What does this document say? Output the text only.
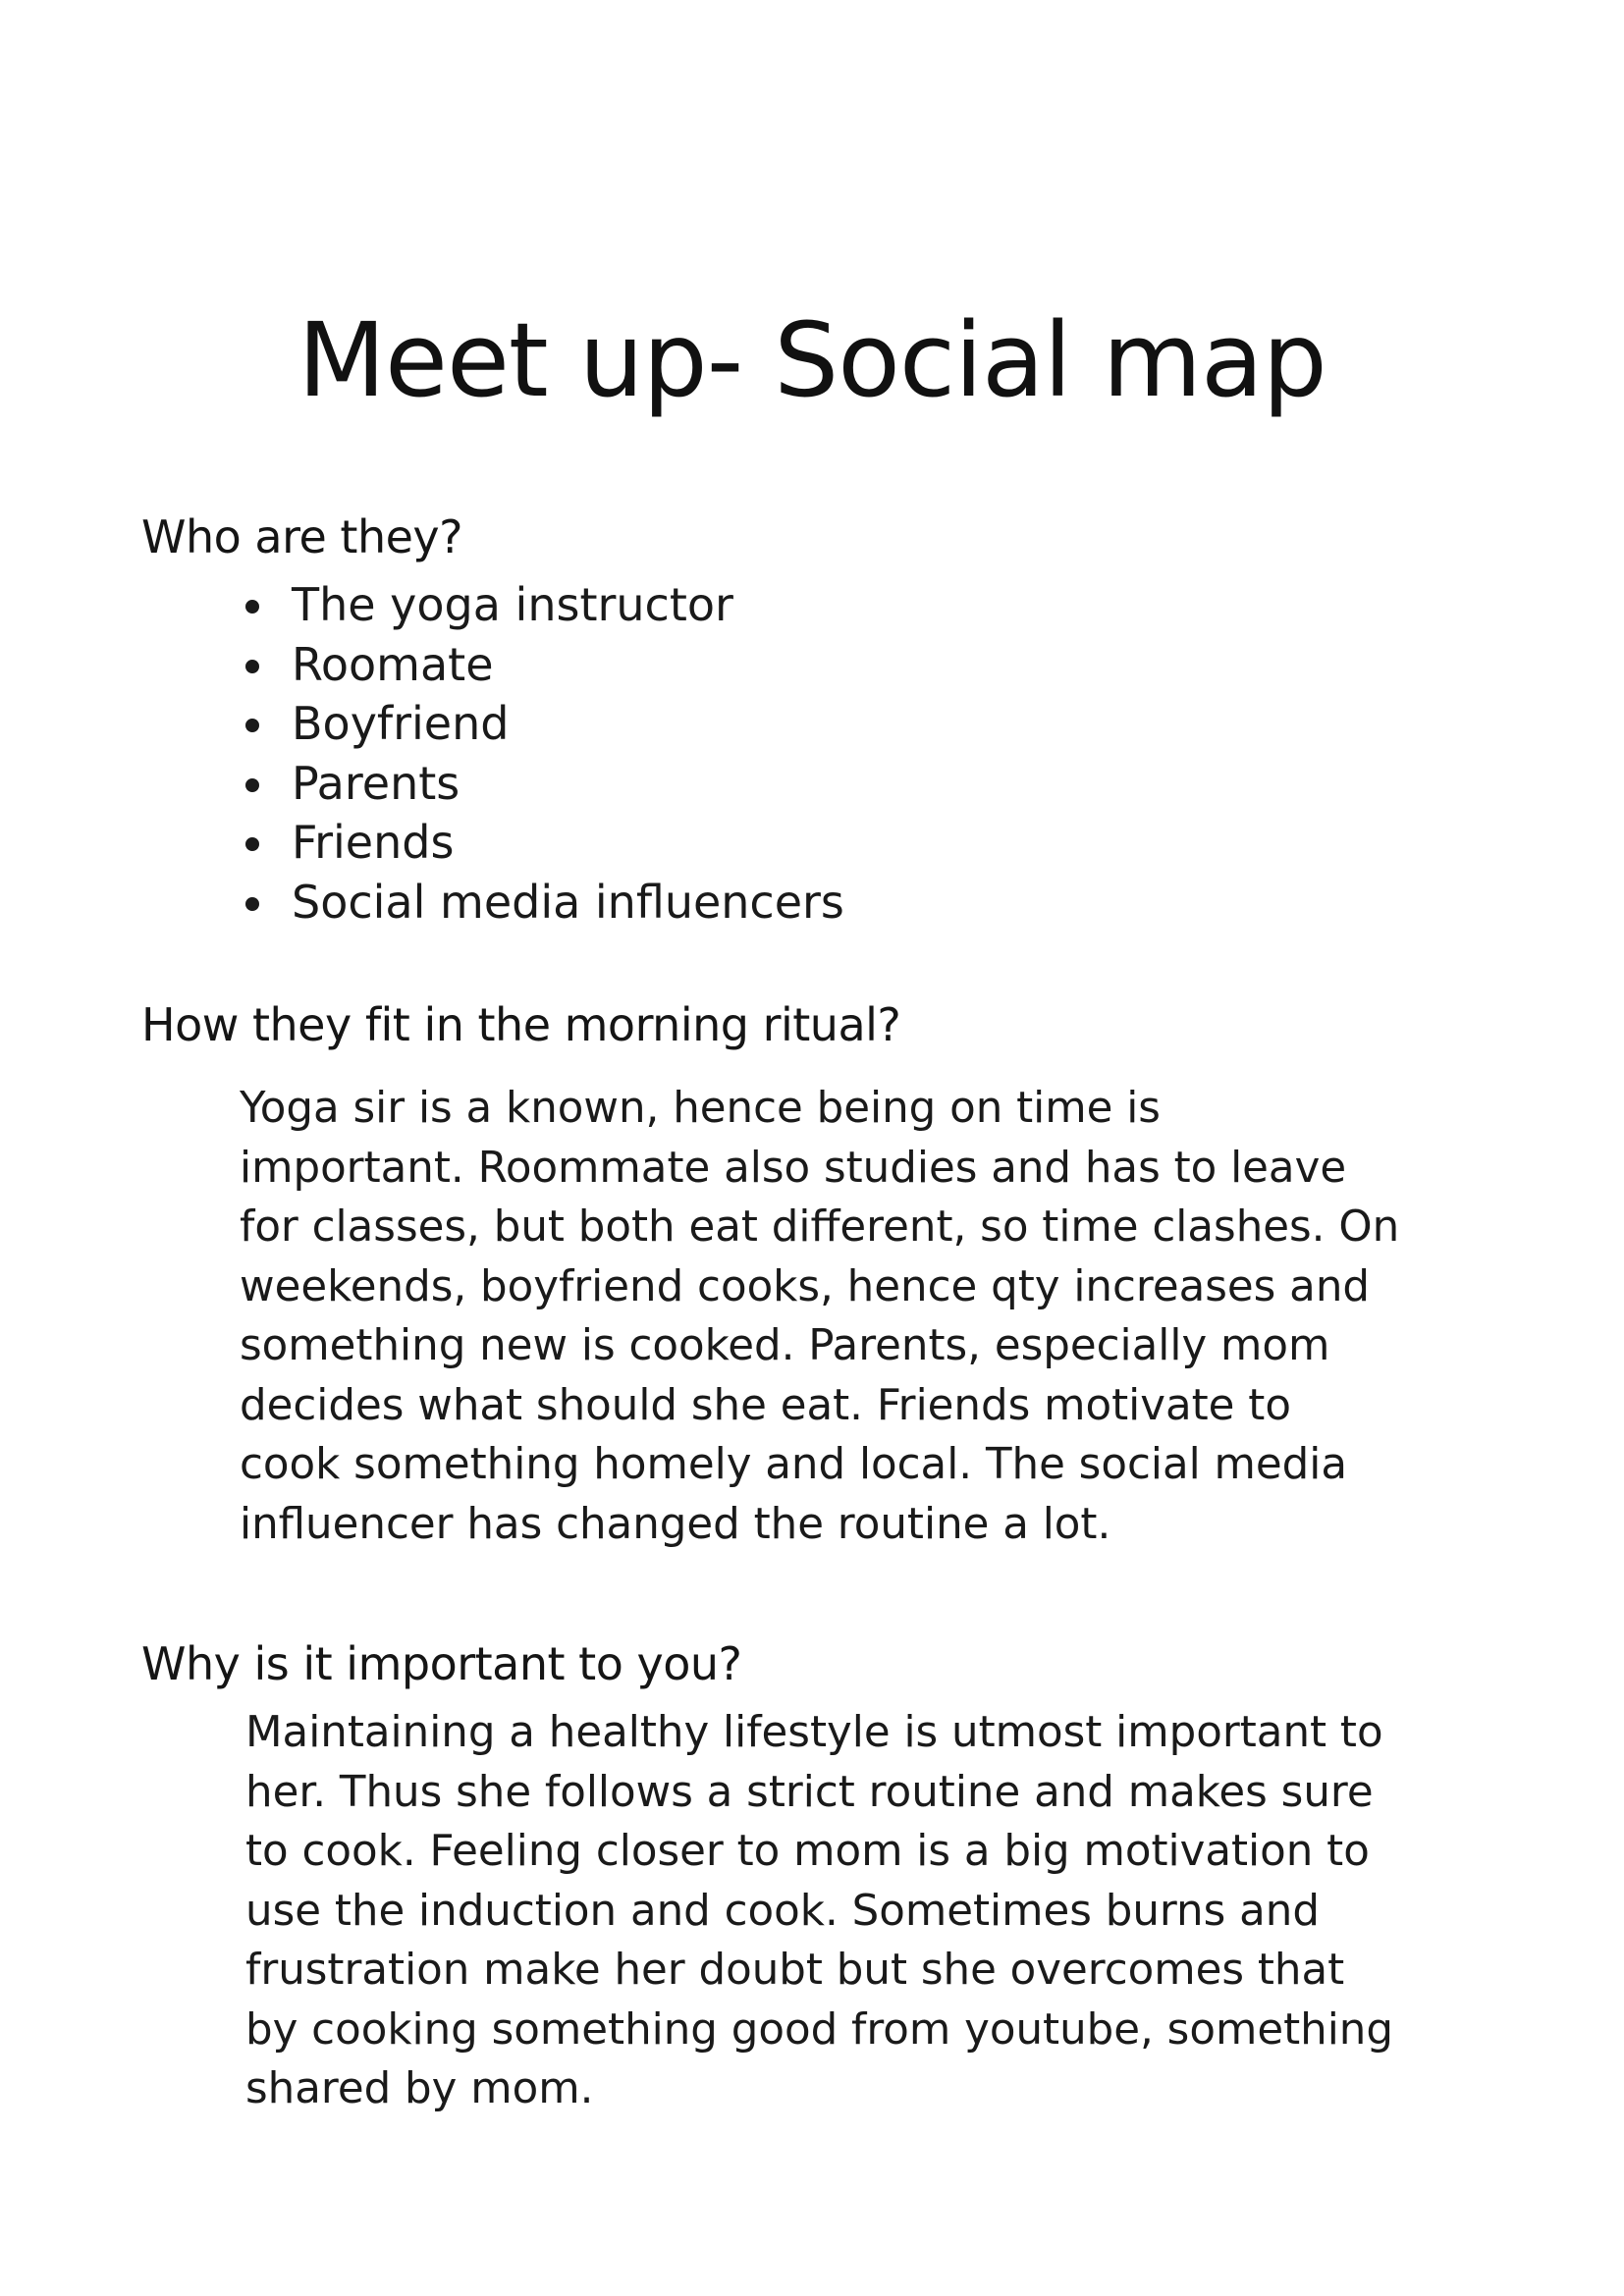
Meet up- Social map
Who are they?
The yoga instructor
Roomate
Boyfriend
Parents
Friends
Social media influencers
How they fit in the morning ritual?
Yoga sir is a known, hence being on time is
important. Roommate also studies and has to leave
for classes, but both eat different, so time clashes. On
weekends, boyfriend cooks, hence qty increases and
something new is cooked. Parents, especially mom
decides what should she eat. Friends motivate to
cook something homely and local. The social media
influencer has changed the routine a lot.
Why is it important to you?
Maintaining a healthy lifestyle is utmost important to
her. Thus she follows a strict routine and makes sure
to cook. Feeling closer to mom is a big motivation to
use the induction and cook. Sometimes burns and
frustration make her doubt but she overcomes that
by cooking something good from youtube, something
shared by mom.
